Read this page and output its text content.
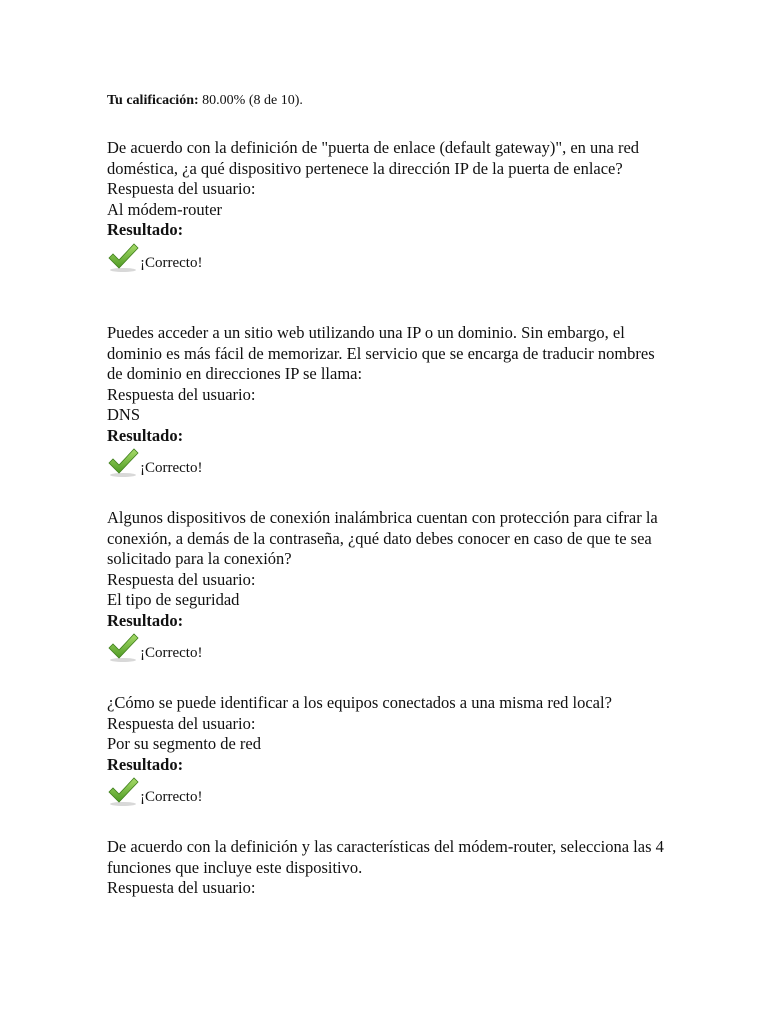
Tu calificación: 80.00% (8 de 10).

De acuerdo con la definición de "puerta de enlace (default gateway)", en una red doméstica, ¿a qué dispositivo pertenece la dirección IP de la puerta de enlace?

Respuesta del usuario:

Al módem-router

Resultado:

¡Correcto!

Puedes acceder a un sitio web utilizando una IP o un dominio. Sin embargo, el dominio es más fácil de memorizar. El servicio que se encarga de traducir nombres de dominio en direcciones IP se llama:

Respuesta del usuario:

DNS

Resultado:

¡Correcto!

Algunos dispositivos de conexión inalámbrica cuentan con protección para cifrar la conexión, a demás de la contraseña, ¿qué dato debes conocer en caso de que te sea solicitado para la conexión?

Respuesta del usuario:

El tipo de seguridad

Resultado:

¡Correcto!

¿Cómo se puede identificar a los equipos conectados a una misma red local?

Respuesta del usuario:

Por su segmento de red

Resultado:

¡Correcto!

De acuerdo con la definición y las características del módem-router, selecciona las 4 funciones que incluye este dispositivo.

Respuesta del usuario:
